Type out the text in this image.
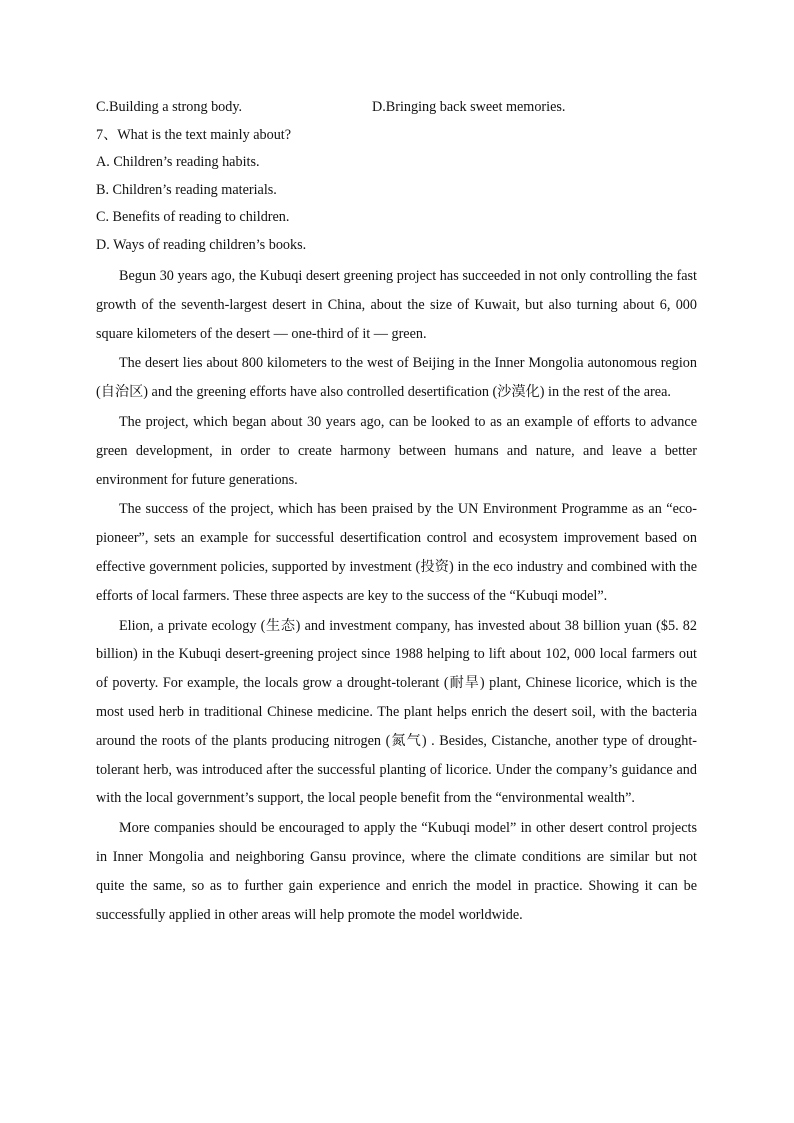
C.Building a strong body.	D.Bringing back sweet memories.
7、What is the text mainly about?
A. Children’s reading habits.
B. Children’s reading materials.
C. Benefits of reading to children.
D. Ways of reading children’s books.

Begun 30 years ago, the Kubuqi desert greening project has succeeded in not only controlling the fast growth of the seventh-largest desert in China, about the size of Kuwait, but also turning about 6, 000 square kilometers of the desert — one-third of it — green.

The desert lies about 800 kilometers to the west of Beijing in the Inner Mongolia autonomous region (自治区) and the greening efforts have also controlled desertification (沙漠化) in the rest of the area.

The project, which began about 30 years ago, can be looked to as an example of efforts to advance green development, in order to create harmony between humans and nature, and leave a better environment for future generations.

The success of the project, which has been praised by the UN Environment Programme as an “eco-pioneer”, sets an example for successful desertification control and ecosystem improvement based on effective government policies, supported by investment (投资) in the eco industry and combined with the efforts of local farmers. These three aspects are key to the success of the “Kubuqi model”.

Elion, a private ecology (生态) and investment company, has invested about 38 billion yuan ($5. 82 billion) in the Kubuqi desert-greening project since 1988 helping to lift about 102, 000 local farmers out of poverty. For example, the locals grow a drought-tolerant (耐旱) plant, Chinese licorice, which is the most used herb in traditional Chinese medicine. The plant helps enrich the desert soil, with the bacteria around the roots of the plants producing nitrogen (氮气) . Besides, Cistanche, another type of drought-tolerant herb, was introduced after the successful planting of licorice. Under the company’s guidance and with the local government’s support, the local people benefit from the “environmental wealth”.

More companies should be encouraged to apply the “Kubuqi model” in other desert control projects in Inner Mongolia and neighboring Gansu province, where the climate conditions are similar but not quite the same, so as to further gain experience and enrich the model in practice. Showing it can be successfully applied in other areas will help promote the model worldwide.
